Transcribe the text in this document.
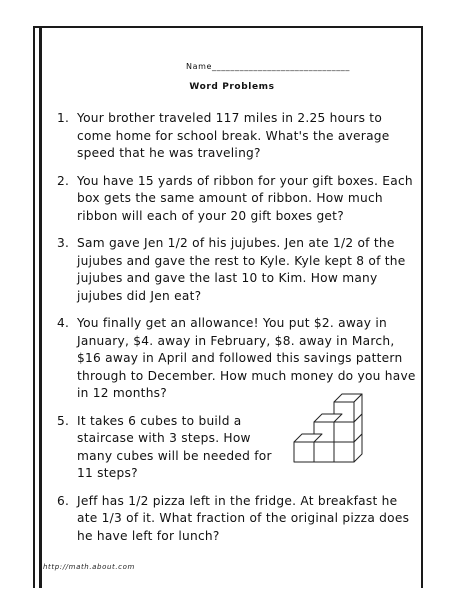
Name______________________________
Word Problems
1. Your brother traveled 117 miles in 2.25 hours to come home for school break. What's the average speed that he was traveling?
2. You have 15 yards of ribbon for your gift boxes. Each box gets the same amount of ribbon. How much ribbon will each of your 20 gift boxes get?
3. Sam gave Jen 1/2 of his jujubes. Jen ate 1/2 of the jujubes and gave the rest to Kyle. Kyle kept 8 of the jujubes and gave the last 10 to Kim. How many jujubes did Jen eat?
4. You finally get an allowance! You put $2. away in January, $4. away in February, $8. away in March, $16 away in April and followed this savings pattern through to December. How much money do you have in 12 months?
5. It takes 6 cubes to build a staircase with 3 steps. How many cubes will be needed for 11 steps?
6. Jeff has 1/2 pizza left in the fridge. At breakfast he ate 1/3 of it. What fraction of the original pizza does he have left for lunch?
http://math.about.com
